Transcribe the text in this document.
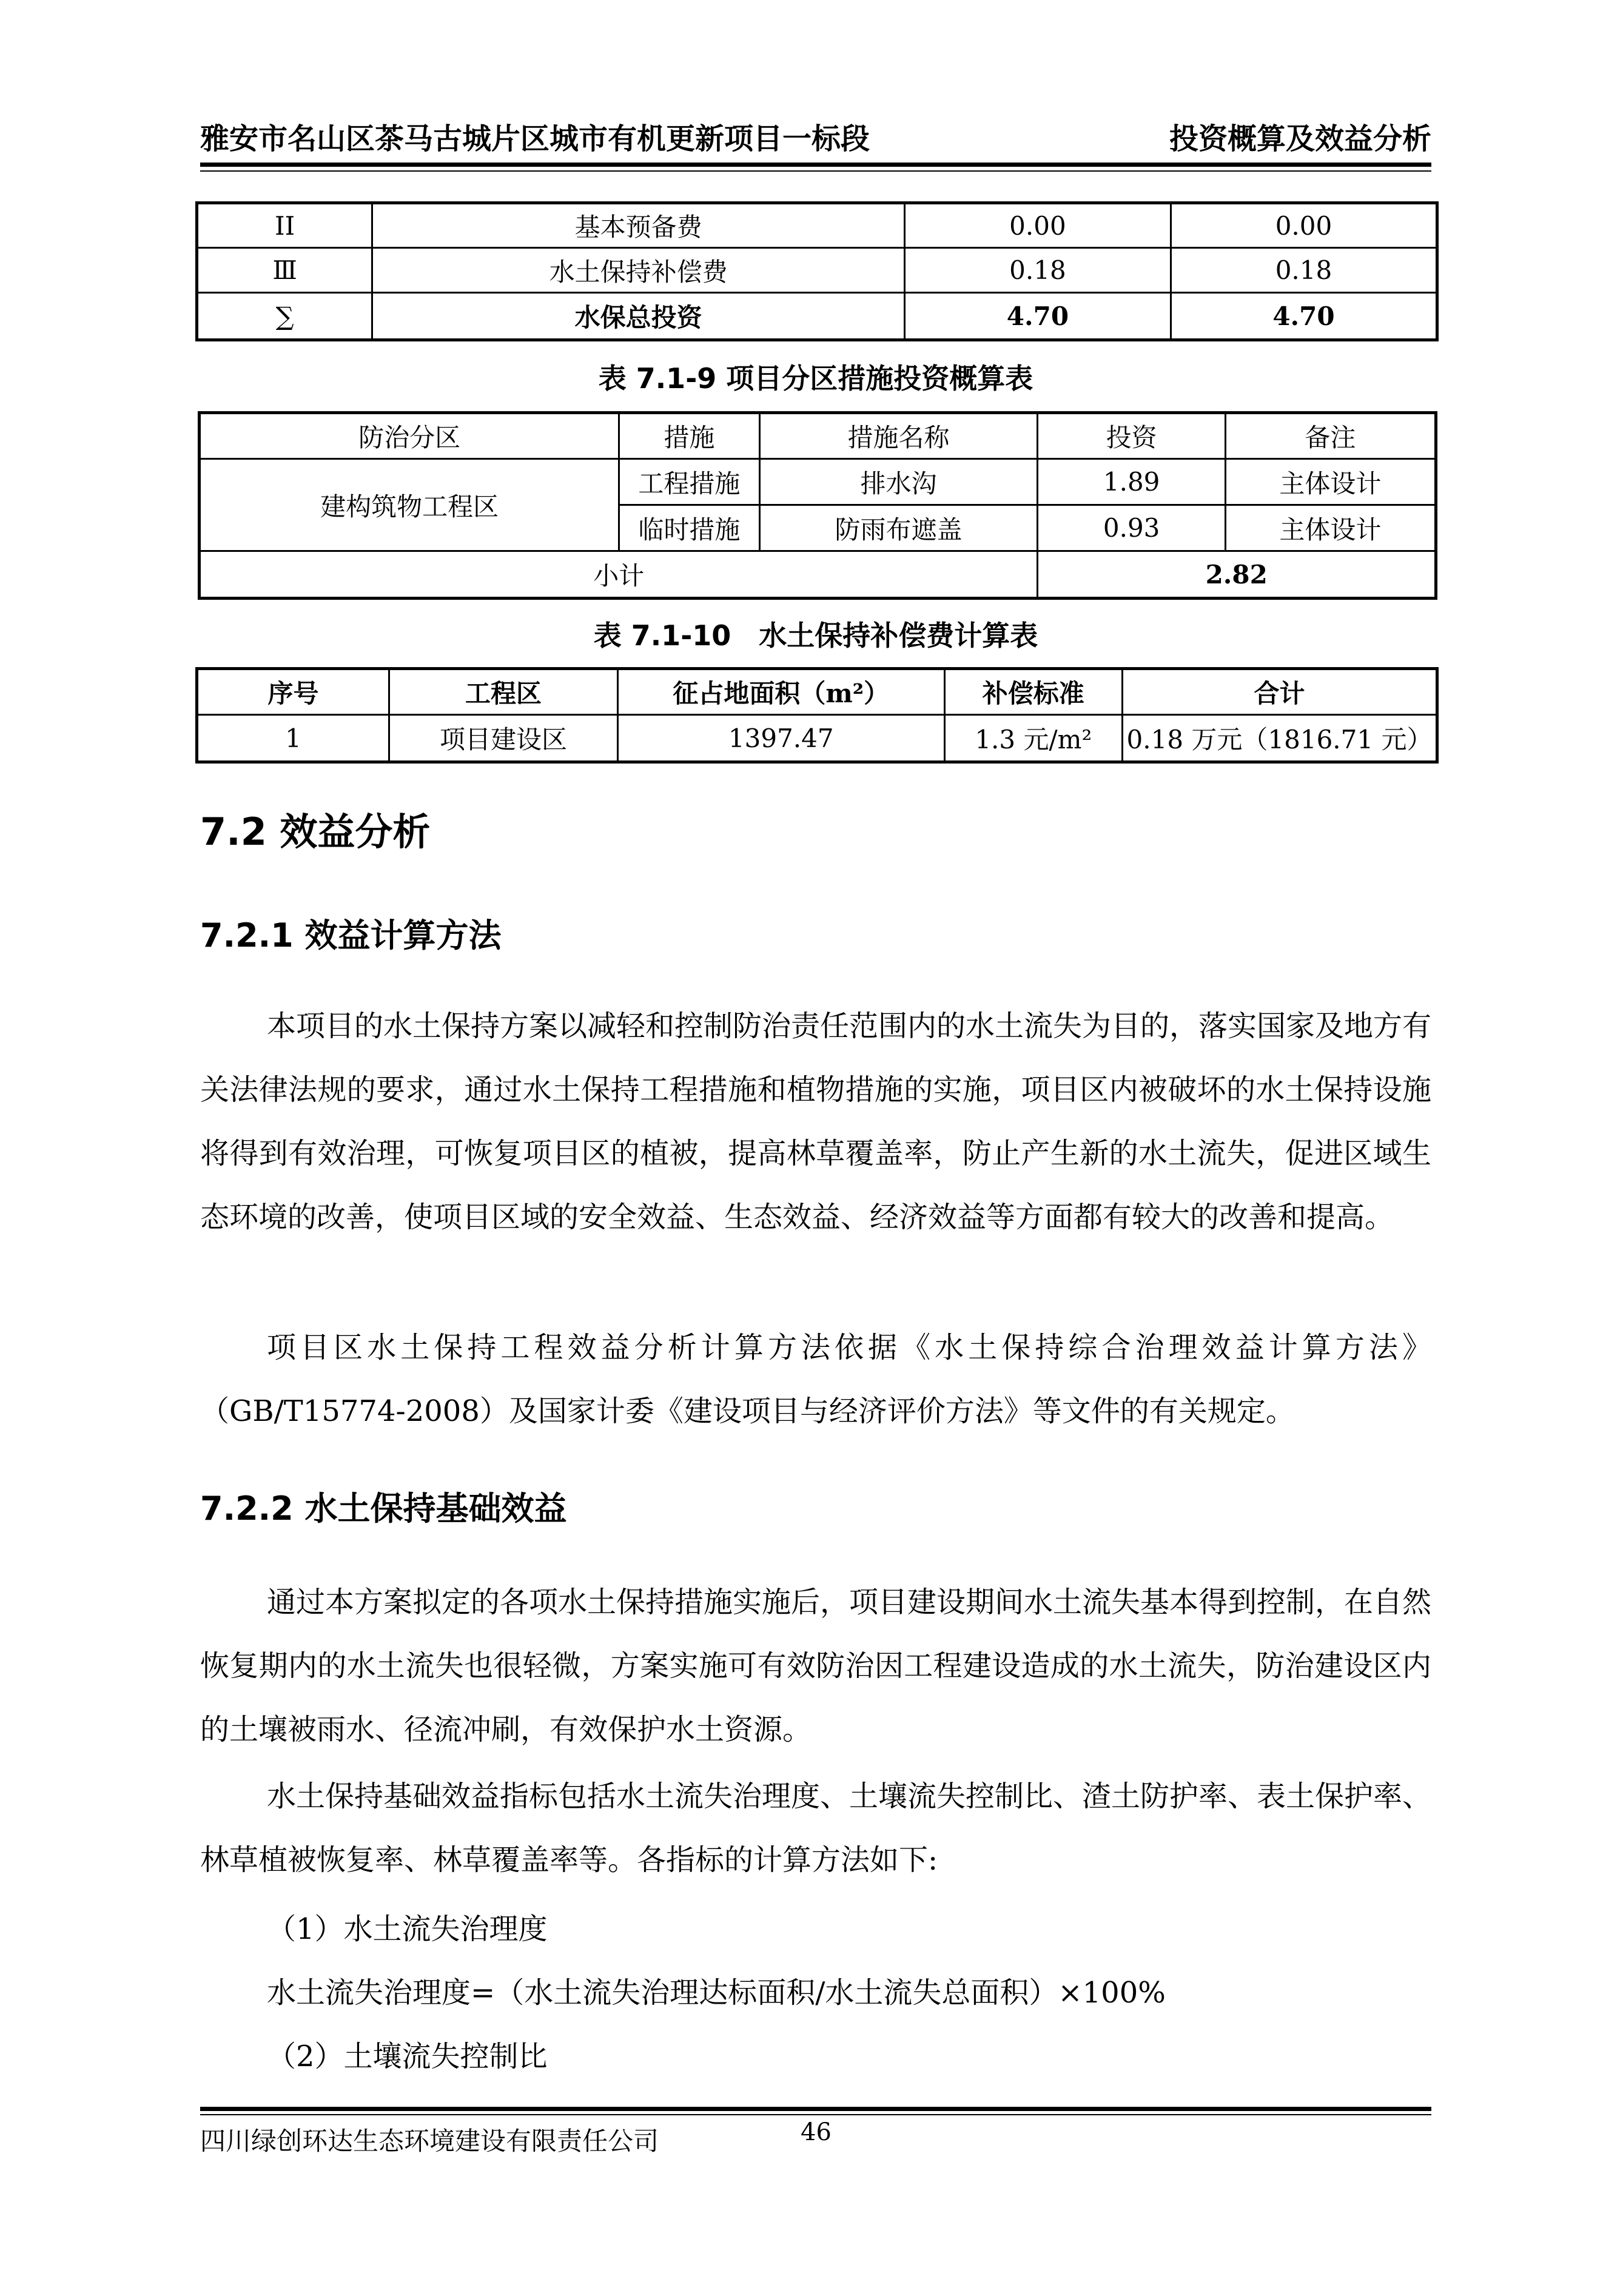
雅安市名山区茶马古城片区城市有机更新项目一标段	投资概算及效益分析
II	基本预备费	0.00	0.00
Ⅲ	水土保持补偿费	0.18	0.18
∑	水保总投资	4.70	4.70
表 7.1-9 项目分区措施投资概算表
防治分区	措施	措施名称	投资	备注
建构筑物工程区	工程措施	排水沟	1.89	主体设计
	临时措施	防雨布遮盖	0.93	主体设计
小计			2.82	
表 7.1-10　水土保持补偿费计算表
序号	工程区	征占地面积（m²）	补偿标准	合计
1	项目建设区	1397.47	1.3 元/m²	0.18 万元（1816.71 元）
7.2 效益分析
7.2.1 效益计算方法

本项目的水土保持方案以减轻和控制防治责任范围内的水土流失为目的，落实国家及地方有关法律法规的要求，通过水土保持工程措施和植物措施的实施，项目区内被破坏的水土保持设施将得到有效治理，可恢复项目区的植被，提高林草覆盖率，防止产生新的水土流失，促进区域生态环境的改善，使项目区域的安全效益、生态效益、经济效益等方面都有较大的改善和提高。

项目区水土保持工程效益分析计算方法依据《水土保持综合治理效益计算方法》（GB/T15774-2008）及国家计委《建设项目与经济评价方法》等文件的有关规定。

7.2.2 水土保持基础效益

通过本方案拟定的各项水土保持措施实施后，项目建设期间水土流失基本得到控制，在自然恢复期内的水土流失也很轻微，方案实施可有效防治因工程建设造成的水土流失，防治建设区内的土壤被雨水、径流冲刷，有效保护水土资源。

水土保持基础效益指标包括水土流失治理度、土壤流失控制比、渣土防护率、表土保护率、林草植被恢复率、林草覆盖率等。各指标的计算方法如下:

（1）水土流失治理度
水土流失治理度=（水土流失治理达标面积/水土流失总面积）×100%
（2）土壤流失控制比
四川绿创环达生态环境建设有限责任公司	46
